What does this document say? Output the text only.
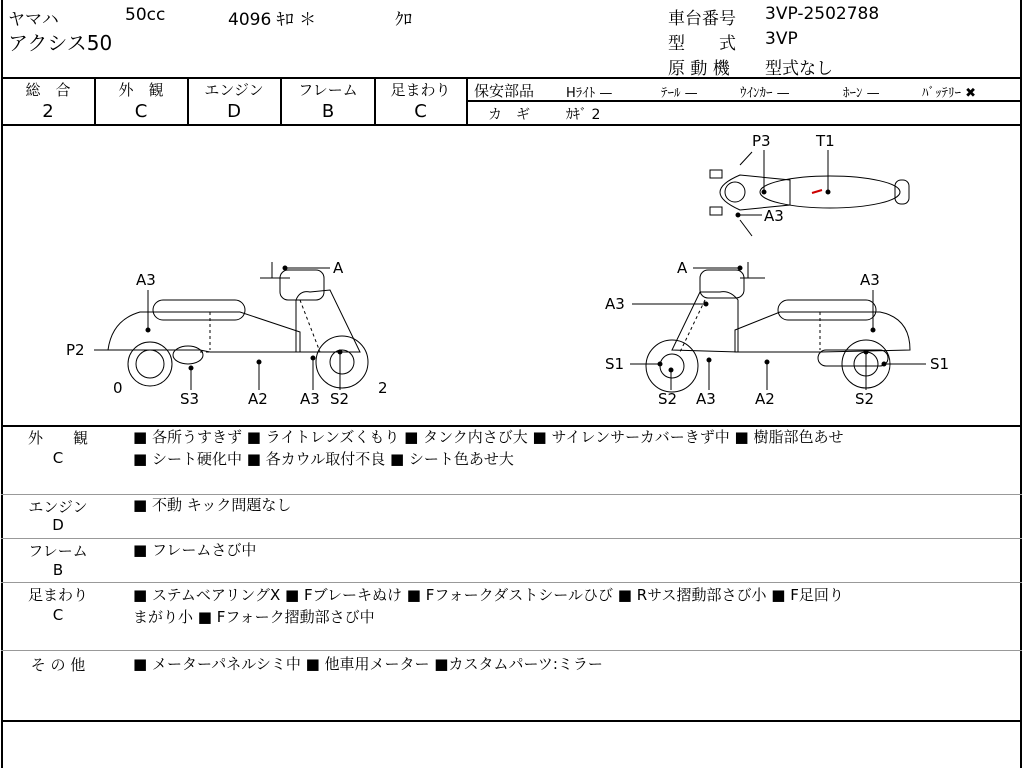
ヤマハ	50cc	4096 ｷﾛ ＊	ｸﾛ
アクシス50
車台番号 3VP-2502788
型　　式 3VP
原 動 機 型式なし
総　合
2
外　観
C
エンジン
D
フレーム
B
足まわり
C
保安部品 Hﾗｲﾄ —	ﾃｰﾙ —	ｳｲﾝｶｰ —	ﾎｰﾝ —	ﾊﾞｯﾃﾘｰ ✖
カ　ギ	ｶｷﾞ 2
A3
A
P2
0
S3	A2 A3 S2
2
A
A3
A3
S1	S1
S2 A3	A2	S2
P3	T1
A3
外　　観
C
■ 各所うすきず ■ ライトレンズくもり ■ タンク内さび大 ■ サイレンサーカバーきず中 ■ 樹脂部色あせ
■ シート硬化中 ■ 各カウル取付不良 ■ シート色あせ大
エンジン
D
■ 不動 キック問題なし
フレーム
B
■ フレームさび中
足まわり
C
■ ステムベアリングX ■ Fブレーキぬけ ■ Fフォークダストシールひび ■ Rサス摺動部さび小 ■ F足回り
まがり小 ■ Fフォーク摺動部さび中
そ の 他	■ メーターパネルシミ中 ■ 他車用メーター ■カスタムパーツ:ミラー
